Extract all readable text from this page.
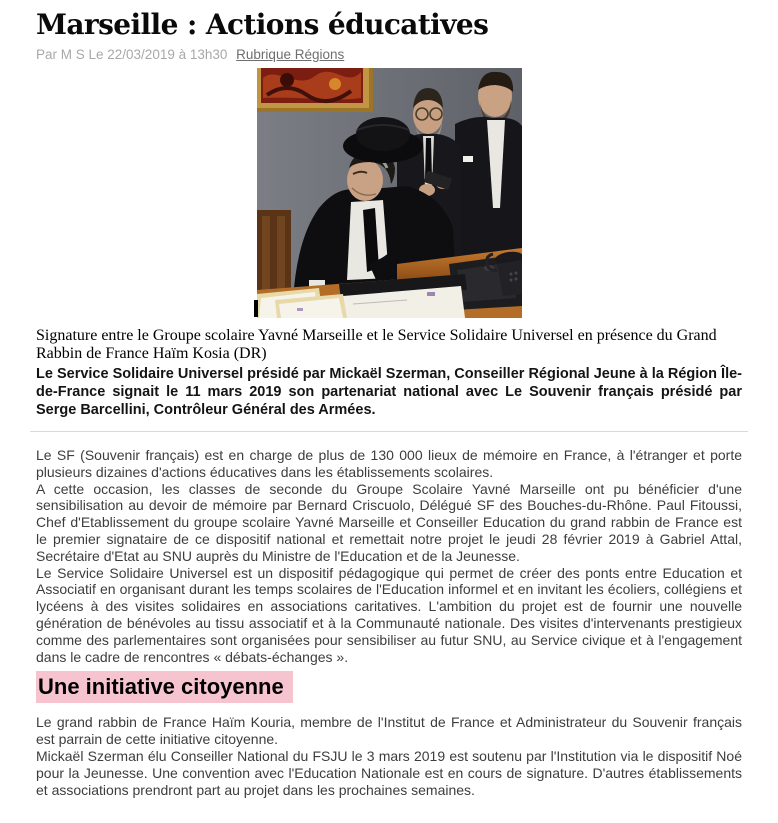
Marseille : Actions éducatives
Par M S Le 22/03/2019 à 13h30 Rubrique Régions
Signature entre le Groupe scolaire Yavné Marseille et le Service Solidaire Universel en présence du Grand Rabbin de France Haïm Kosia (DR)

Le Service Solidaire Universel présidé par Mickaël Szerman, Conseiller Régional Jeune à la Région Île-de-France signait le 11 mars 2019 son partenariat national avec Le Souvenir français présidé par Serge Barcellini, Contrôleur Général des Armées.

Le SF (Souvenir français) est en charge de plus de 130 000 lieux de mémoire en France, à l'étranger et porte plusieurs dizaines d'actions éducatives dans les établissements scolaires.

A cette occasion, les classes de seconde du Groupe Scolaire Yavné Marseille ont pu bénéficier d'une sensibilisation au devoir de mémoire par Bernard Criscuolo, Délégué SF des Bouches-du-Rhône. Paul Fitoussi, Chef d'Etablissement du groupe scolaire Yavné Marseille et Conseiller Education du grand rabbin de France est le premier signataire de ce dispositif national et remettait notre projet le jeudi 28 février 2019 à Gabriel Attal, Secrétaire d'Etat au SNU auprès du Ministre de l'Education et de la Jeunesse.

Le Service Solidaire Universel est un dispositif pédagogique qui permet de créer des ponts entre Education et Associatif en organisant durant les temps scolaires de l'Education informel et en invitant les écoliers, collégiens et lycéens à des visites solidaires en associations caritatives. L'ambition du projet est de fournir une nouvelle génération de bénévoles au tissu associatif et à la Communauté nationale. Des visites d'intervenants prestigieux comme des parlementaires sont organisées pour sensibiliser au futur SNU, au Service civique et à l'engagement dans le cadre de rencontres « débats-échanges ».

Une initiative citoyenne

Le grand rabbin de France Haïm Kouria, membre de l'Institut de France et Administrateur du Souvenir français est parrain de cette initiative citoyenne.

Mickaël Szerman élu Conseiller National du FSJU le 3 mars 2019 est soutenu par l'Institution via le dispositif Noé pour la Jeunesse. Une convention avec l'Education Nationale est en cours de signature. D'autres établissements et associations prendront part au projet dans les prochaines semaines.
